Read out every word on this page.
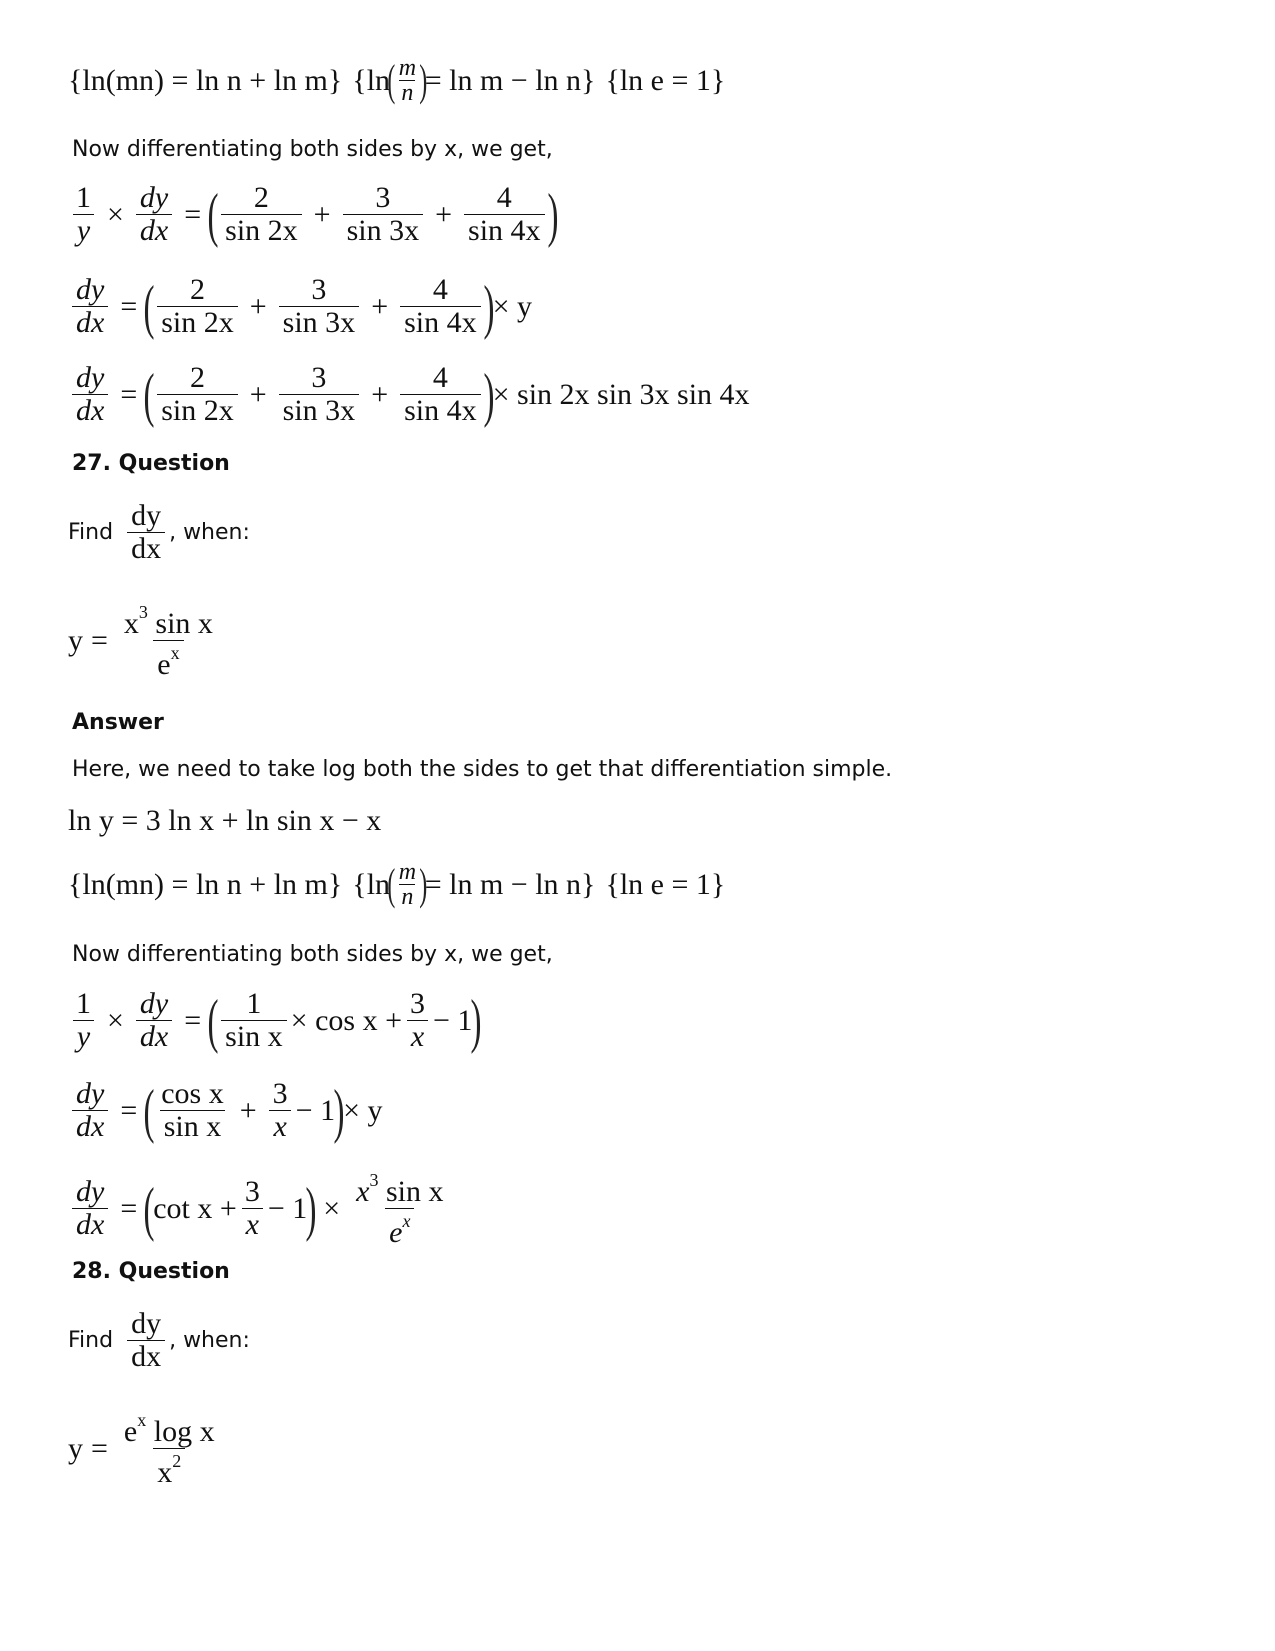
{ln(mn) = ln n + ln m} {ln
( $\frac{m}{n}$ )
= ln m − ln n} {ln e = 1}
Now differentiating both sides by x, we get,
$\frac{1}{y} \times \frac{dy}{dx}$ = ( $\frac{2}{\sin 2x} + \frac{3}{\sin 3x} + \frac{4}{\sin 4x}$ )
$\frac{dy}{dx}$ = ( $\frac{2}{\sin 2x} + \frac{3}{\sin 3x} + \frac{4}{\sin 4x}$ )
× y
$\frac{dy}{dx}$ = ( $\frac{2}{\sin 2x} + \frac{3}{\sin 3x} + \frac{4}{\sin 4x}$ )
× sin 2x sin 3x sin 4x
27. Question
Find $\frac{dy}{dx}$ , when:
$y = \frac{x^3 \sin x}{e^x}$
Answer
Here, we need to take log both the sides to get that differentiation simple.
ln y = 3 ln x + ln sin x − x
{ln(mn) = ln n + ln m} {ln
( $\frac{m}{n}$ )
= ln m − ln n} {ln e = 1}
Now differentiating both sides by x, we get,
$\frac{1}{y} \times \frac{dy}{dx}$ = ( $\frac{1}{\text{sin x}} \times \cos x + \frac{3}{x} - 1$
)
$\frac{dy}{dx}$ = ( $\frac{\text{cos x}}{\text{sin x}} + \frac{3}{x} - 1$
)
× y
$\frac{dy}{dx}$ = (
$\cot x + \frac{3}{x} - 1$
) × $\frac{x^3 \sin x}{e^x}$
28. Question
Find $\frac{dy}{dx}$ , when:
$y = \frac{e^x \log x}{x^2}$
